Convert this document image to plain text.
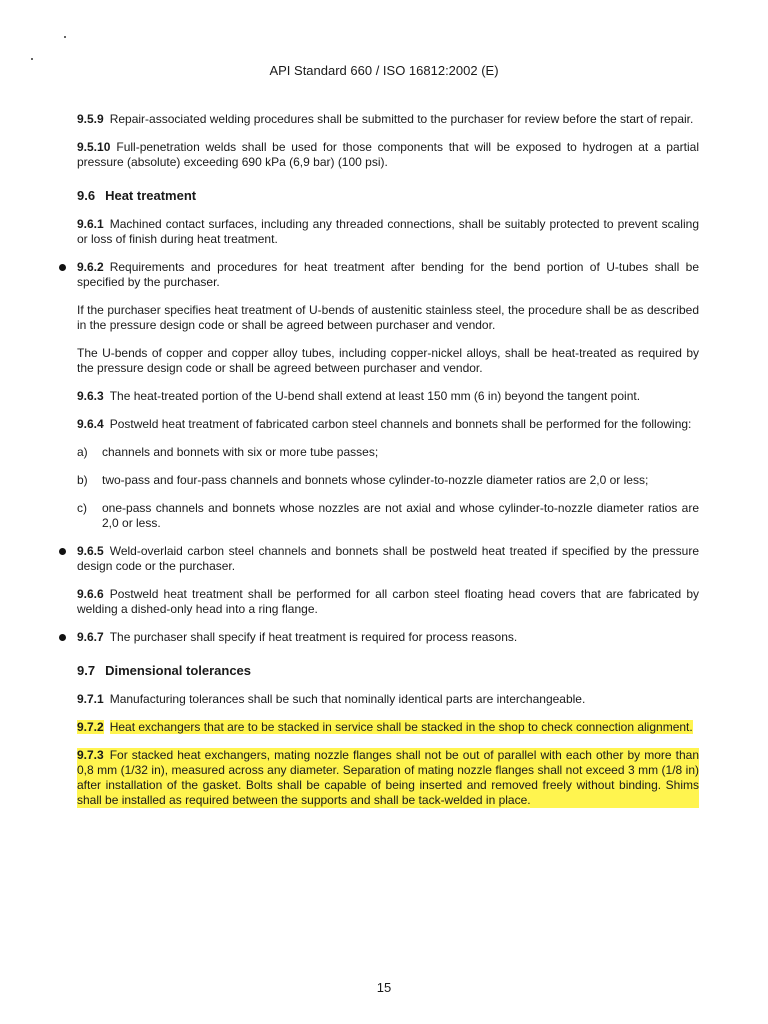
API Standard 660 / ISO 16812:2002 (E)

9.5.9 Repair-associated welding procedures shall be submitted to the purchaser for review before the start of repair.

9.5.10 Full-penetration welds shall be used for those components that will be exposed to hydrogen at a partial pressure (absolute) exceeding 690 kPa (6,9 bar) (100 psi).

9.6 Heat treatment

9.6.1 Machined contact surfaces, including any threaded connections, shall be suitably protected to prevent scaling or loss of finish during heat treatment.

9.6.2 Requirements and procedures for heat treatment after bending for the bend portion of U-tubes shall be specified by the purchaser.

If the purchaser specifies heat treatment of U-bends of austenitic stainless steel, the procedure shall be as described in the pressure design code or shall be agreed between purchaser and vendor.

The U-bends of copper and copper alloy tubes, including copper-nickel alloys, shall be heat-treated as required by the pressure design code or shall be agreed between purchaser and vendor.

9.6.3 The heat-treated portion of the U-bend shall extend at least 150 mm (6 in) beyond the tangent point.

9.6.4 Postweld heat treatment of fabricated carbon steel channels and bonnets shall be performed for the following:

a)	channels and bonnets with six or more tube passes;
b)	two-pass and four-pass channels and bonnets whose cylinder-to-nozzle diameter ratios are 2,0 or less;
c)	one-pass channels and bonnets whose nozzles are not axial and whose cylinder-to-nozzle diameter ratios are 2,0 or less.

9.6.5 Weld-overlaid carbon steel channels and bonnets shall be postweld heat treated if specified by the pressure design code or the purchaser.

9.6.6 Postweld heat treatment shall be performed for all carbon steel floating head covers that are fabricated by welding a dished-only head into a ring flange.

9.6.7 The purchaser shall specify if heat treatment is required for process reasons.

9.7 Dimensional tolerances

9.7.1 Manufacturing tolerances shall be such that nominally identical parts are interchangeable.

9.7.2 Heat exchangers that are to be stacked in service shall be stacked in the shop to check connection alignment.

9.7.3 For stacked heat exchangers, mating nozzle flanges shall not be out of parallel with each other by more than 0,8 mm (1/32 in), measured across any diameter. Separation of mating nozzle flanges shall not exceed 3 mm (1/8 in) after installation of the gasket. Bolts shall be capable of being inserted and removed freely without binding. Shims shall be installed as required between the supports and shall be tack-welded in place.

15
